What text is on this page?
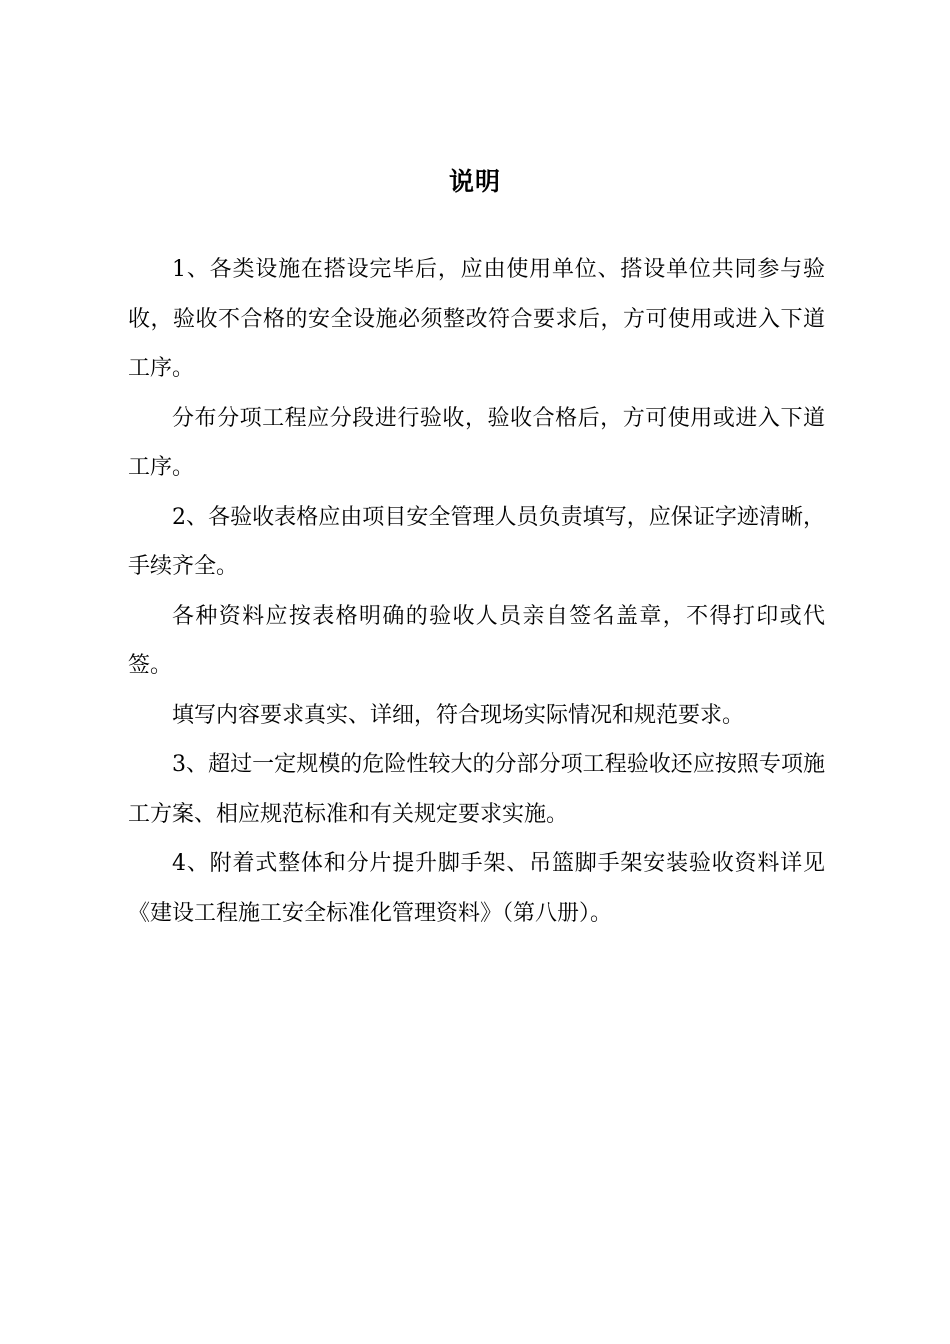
说明

1、各类设施在搭设完毕后，应由使用单位、搭设单位共同参与验收，验收不合格的安全设施必须整改符合要求后，方可使用或进入下道工序。

分布分项工程应分段进行验收，验收合格后，方可使用或进入下道工序。

2、各验收表格应由项目安全管理人员负责填写，应保证字迹清晰，手续齐全。

各种资料应按表格明确的验收人员亲自签名盖章，不得打印或代签。

填写内容要求真实、详细，符合现场实际情况和规范要求。

3、超过一定规模的危险性较大的分部分项工程验收还应按照专项施工方案、相应规范标准和有关规定要求实施。

4、附着式整体和分片提升脚手架、吊篮脚手架安装验收资料详见《建设工程施工安全标准化管理资料》（第八册）。
